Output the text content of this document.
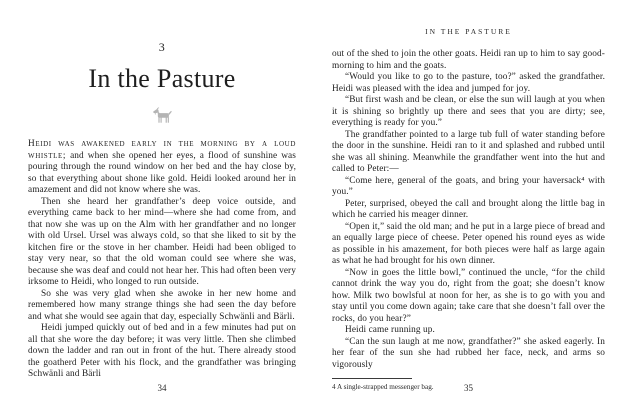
3
In the Pasture

Heidi was awakened early in the morning by a loud whistle; and when she opened her eyes, a flood of sunshine was pouring through the round window on her bed and the hay close by, so that everything about shone like gold. Heidi looked around her in amazement and did not know where she was.

Then she heard her grandfather’s deep voice outside, and everything came back to her mind—where she had come from, and that now she was up on the Alm with her grandfather and no longer with old Ursel. Ursel was always cold, so that she liked to sit by the kitchen fire or the stove in her chamber. Heidi had been obliged to stay very near, so that the old woman could see where she was, because she was deaf and could not hear her. This had often been very irksome to Heidi, who longed to run outside.

So she was very glad when she awoke in her new home and remembered how many strange things she had seen the day before and what she would see again that day, especially Schwänli and Bärli.

Heidi jumped quickly out of bed and in a few minutes had put on all that she wore the day before; it was very little. Then she climbed down the ladder and ran out in front of the hut. There already stood the goatherd Peter with his flock, and the grandfather was bringing Schwänli and Bärli

34
IN THE PASTURE

out of the shed to join the other goats. Heidi ran up to him to say good-morning to him and the goats.

“Would you like to go to the pasture, too?” asked the grandfather. Heidi was pleased with the idea and jumped for joy.

“But first wash and be clean, or else the sun will laugh at you when it is shining so brightly up there and sees that you are dirty; see, everything is ready for you.”

The grandfather pointed to a large tub full of water standing before the door in the sunshine. Heidi ran to it and splashed and rubbed until she was all shining. Meanwhile the grandfather went into the hut and called to Peter:—

“Come here, general of the goats, and bring your haversack⁴ with you.”

Peter, surprised, obeyed the call and brought along the little bag in which he carried his meager dinner.

“Open it,” said the old man; and he put in a large piece of bread and an equally large piece of cheese. Peter opened his round eyes as wide as possible in his amazement, for both pieces were half as large again as what he had brought for his own dinner.

“Now in goes the little bowl,” continued the uncle, “for the child cannot drink the way you do, right from the goat; she doesn’t know how. Milk two bowlsful at noon for her, as she is to go with you and stay until you come down again; take care that she doesn’t fall over the rocks, do you hear?”

Heidi came running up.

“Can the sun laugh at me now, grandfather?” she asked eagerly. In her fear of the sun she had rubbed her face, neck, and arms so vigorously

4 A single-strapped messenger bag.	35
